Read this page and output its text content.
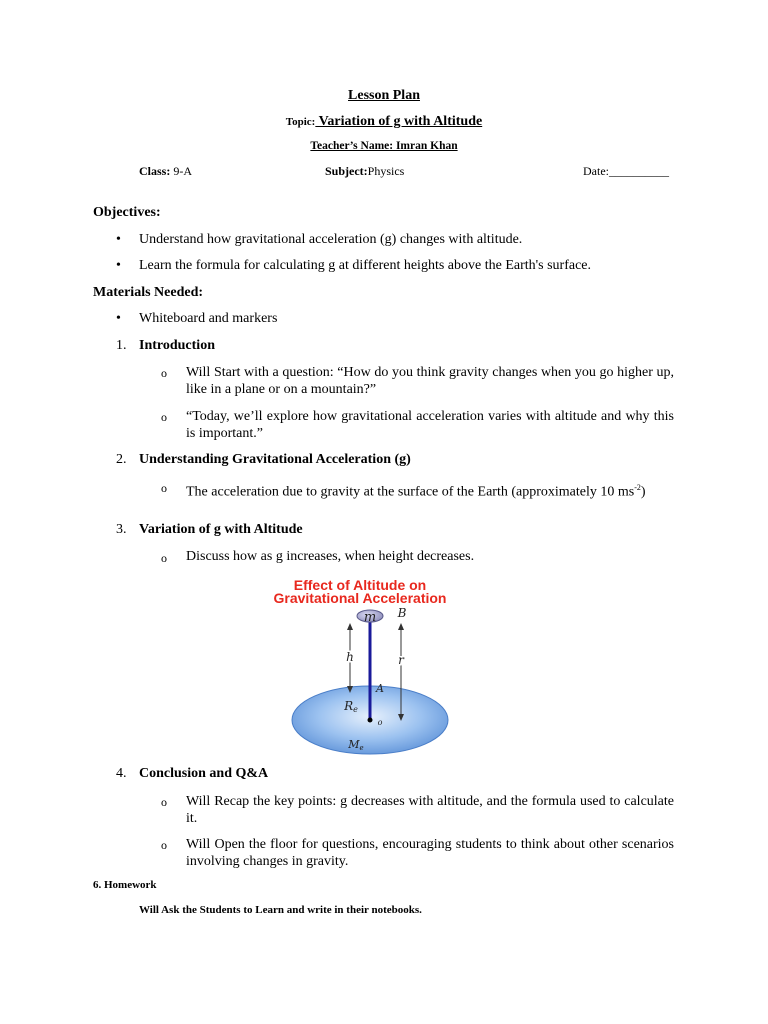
Lesson Plan
Topic: Variation of g with Altitude
Teacher’s Name: Imran Khan
Class: 9-A	Subject:Physics	Date:__________
Objectives:
• Understand how gravitational acceleration (g) changes with altitude.
• Learn the formula for calculating g at different heights above the Earth's surface.
Materials Needed:
• Whiteboard and markers
1. Introduction
o Will Start with a question: “How do you think gravity changes when you go higher up, like in a plane or on a mountain?”
o “Today, we’ll explore how gravitational acceleration varies with altitude and why this is important.”
2. Understanding Gravitational Acceleration (g)
o The acceleration due to gravity at the surface of the Earth (approximately 10 $ms^{-2}$)
3. Variation of g with Altitude
o Discuss how as g increases, when height decreases.
Effect of Altitude on
Gravitational Acceleration
m B
A
h	r
Re
o
Me
4. Conclusion and Q&A
o Will Recap the key points: g decreases with altitude, and the formula used to calculate it.
o Will Open the floor for questions, encouraging students to think about other scenarios involving changes in gravity.
6. Homework
Will Ask the Students to Learn and write in their notebooks.
